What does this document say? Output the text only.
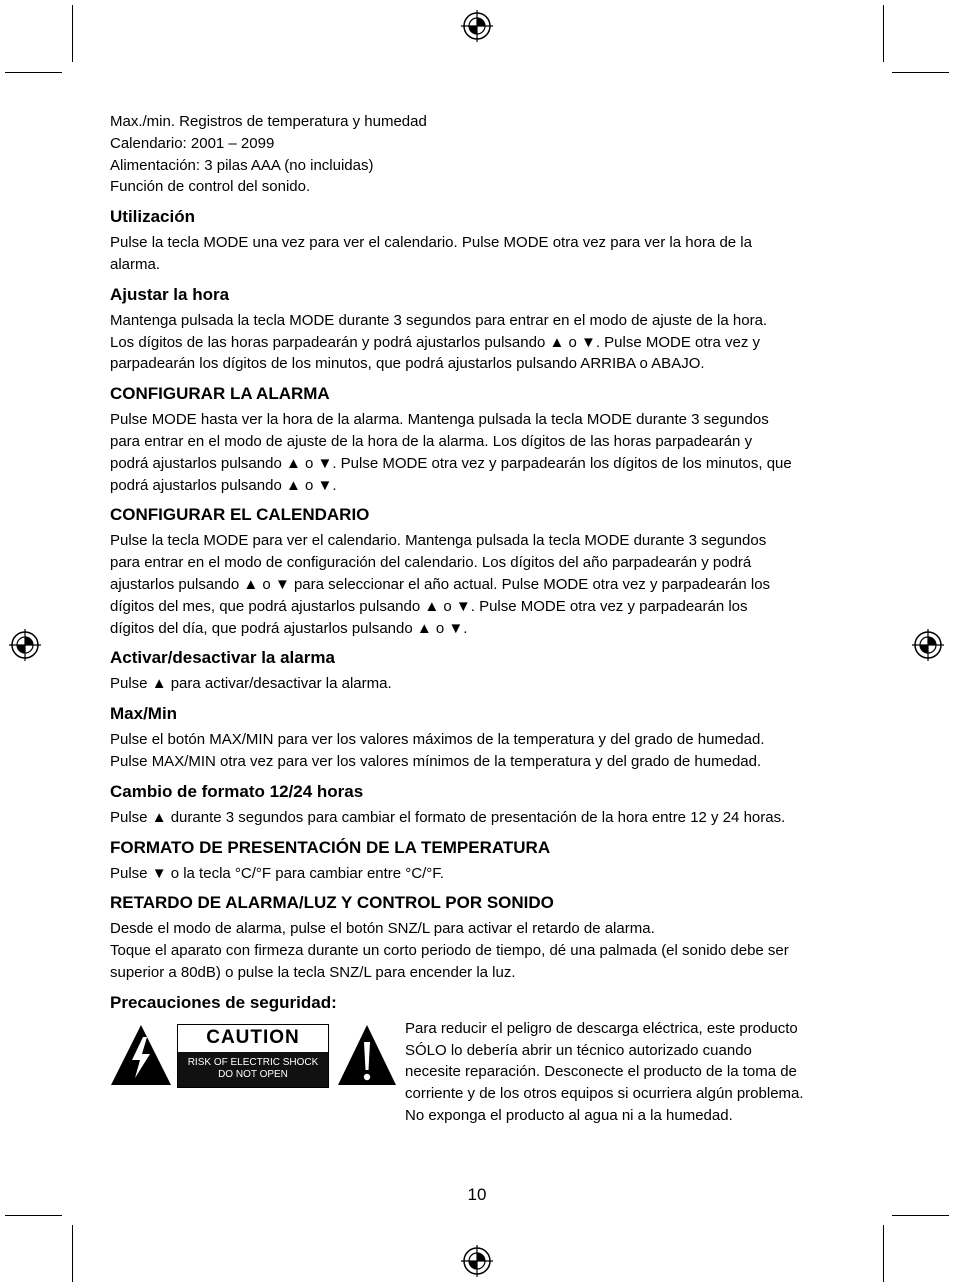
Max./min. Registros de temperatura y humedad

Calendario: 2001 – 2099

Alimentación: 3 pilas AAA (no incluidas)

Función de control del sonido.

Utilización

Pulse la tecla MODE una vez para ver el calendario. Pulse MODE otra vez para ver la hora de la

alarma.

Ajustar la hora

Mantenga pulsada la tecla MODE durante 3 segundos para entrar en el modo de ajuste de la hora.

Los dígitos de las horas parpadearán y podrá ajustarlos pulsando ▲ o ▼. Pulse MODE otra vez y

parpadearán los dígitos de los minutos, que podrá ajustarlos pulsando ARRIBA o ABAJO.

CONFIGURAR LA ALARMA

Pulse MODE hasta ver la hora de la alarma. Mantenga pulsada la tecla MODE durante 3 segundos

para entrar en el modo de ajuste de la hora de la alarma. Los dígitos de las horas parpadearán y

podrá ajustarlos pulsando ▲ o ▼. Pulse MODE otra vez y parpadearán los dígitos de los minutos, que

podrá ajustarlos pulsando ▲ o ▼.

CONFIGURAR EL CALENDARIO

Pulse la tecla MODE para ver el calendario. Mantenga pulsada la tecla MODE durante 3 segundos

para entrar en el modo de configuración del calendario. Los dígitos del año parpadearán y podrá

ajustarlos pulsando ▲ o ▼ para seleccionar el año actual. Pulse MODE otra vez y parpadearán los

dígitos del mes, que podrá ajustarlos pulsando ▲ o ▼. Pulse MODE otra vez y parpadearán los

dígitos del día, que podrá ajustarlos pulsando ▲ o ▼.

Activar/desactivar la alarma

Pulse ▲ para activar/desactivar la alarma.

Max/Min

Pulse el botón MAX/MIN para ver los valores máximos de la temperatura y del grado de humedad.

Pulse MAX/MIN otra vez para ver los valores mínimos de la temperatura y del grado de humedad.

Cambio de formato 12/24 horas

Pulse ▲ durante 3 segundos para cambiar el formato de presentación de la hora entre 12 y 24 horas.

FORMATO DE PRESENTACIÓN DE LA TEMPERATURA

Pulse ▼ o la tecla °C/°F para cambiar entre °C/°F.

RETARDO DE ALARMA/LUZ Y CONTROL POR SONIDO

Desde el modo de alarma, pulse el botón SNZ/L para activar el retardo de alarma.

Toque el aparato con firmeza durante un corto periodo de tiempo, dé una palmada (el sonido debe ser

superior a 80dB) o pulse la tecla SNZ/L para encender la luz.

Precauciones de seguridad:
CAUTION
RISK OF ELECTRIC SHOCK
DO NOT OPEN

Para reducir el peligro de descarga eléctrica, este producto

SÓLO lo debería abrir un técnico autorizado cuando

necesite reparación. Desconecte el producto de la toma de

corriente y de los otros equipos si ocurriera algún problema.

No exponga el producto al agua ni a la humedad.

10
